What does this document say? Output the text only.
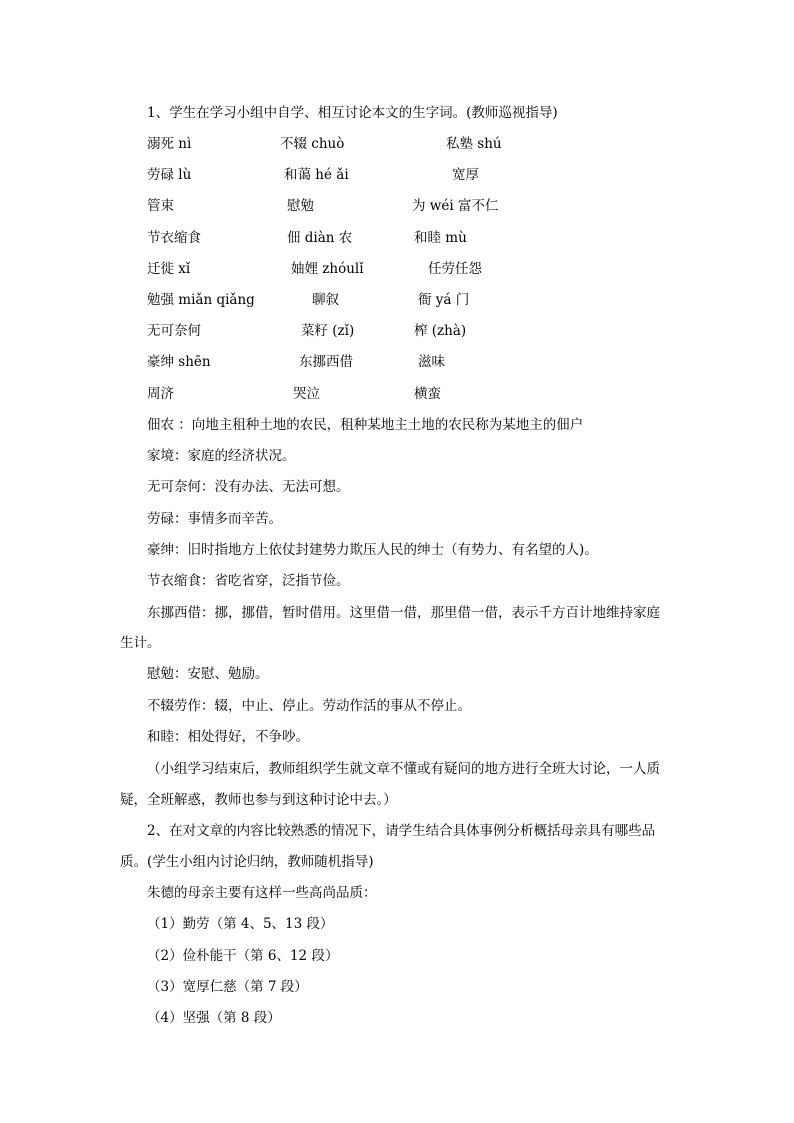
1、学生在学习小组中自学、相互讨论本文的生字词。(教师巡视指导)
溺死 nì	不辍 chuò	私塾 shú
劳碌 lù	和蔼 hé ǎi	宽厚
管束	慰勉	为 wéi 富不仁
节衣缩食	佃 diàn 农	和睦 mù
迁徙 xǐ	妯娌 zhóulǐ	任劳任怨
勉强 miǎn qiǎng	聊叙	衙 yá 门
无可奈何	菜籽 (zǐ)	榨 (zhà)
豪绅 shēn	东挪西借	滋味
周济	哭泣	横蛮
佃农 ：向地主租种土地的农民，租种某地主土地的农民称为某地主的佃户
家境：家庭的经济状况。
无可奈何：没有办法、无法可想。
劳碌：事情多而辛苦。
豪绅：旧时指地方上依仗封建势力欺压人民的绅士（有势力、有名望的人)。
节衣缩食：省吃省穿，泛指节俭。
东挪西借：挪，挪借，暂时借用。这里借一借，那里借一借，表示千方百计地维持家庭
生计。
慰勉：安慰、勉励。
不辍劳作：辍，中止、停止。劳动作活的事从不停止。
和睦：相处得好，不争吵。
（小组学习结束后，教师组织学生就文章不懂或有疑问的地方进行全班大讨论，一人质
疑，全班解惑，教师也参与到这种讨论中去。）
2、在对文章的内容比较熟悉的情况下，请学生结合具体事例分析概括母亲具有哪些品
质。(学生小组内讨论归纳，教师随机指导)
朱德的母亲主要有这样一些高尚品质：
（1）勤劳（第 4、5、13 段）
（2）俭朴能干（第 6、12 段）
（3）宽厚仁慈（第 7 段）
（4）坚强（第 8 段）
